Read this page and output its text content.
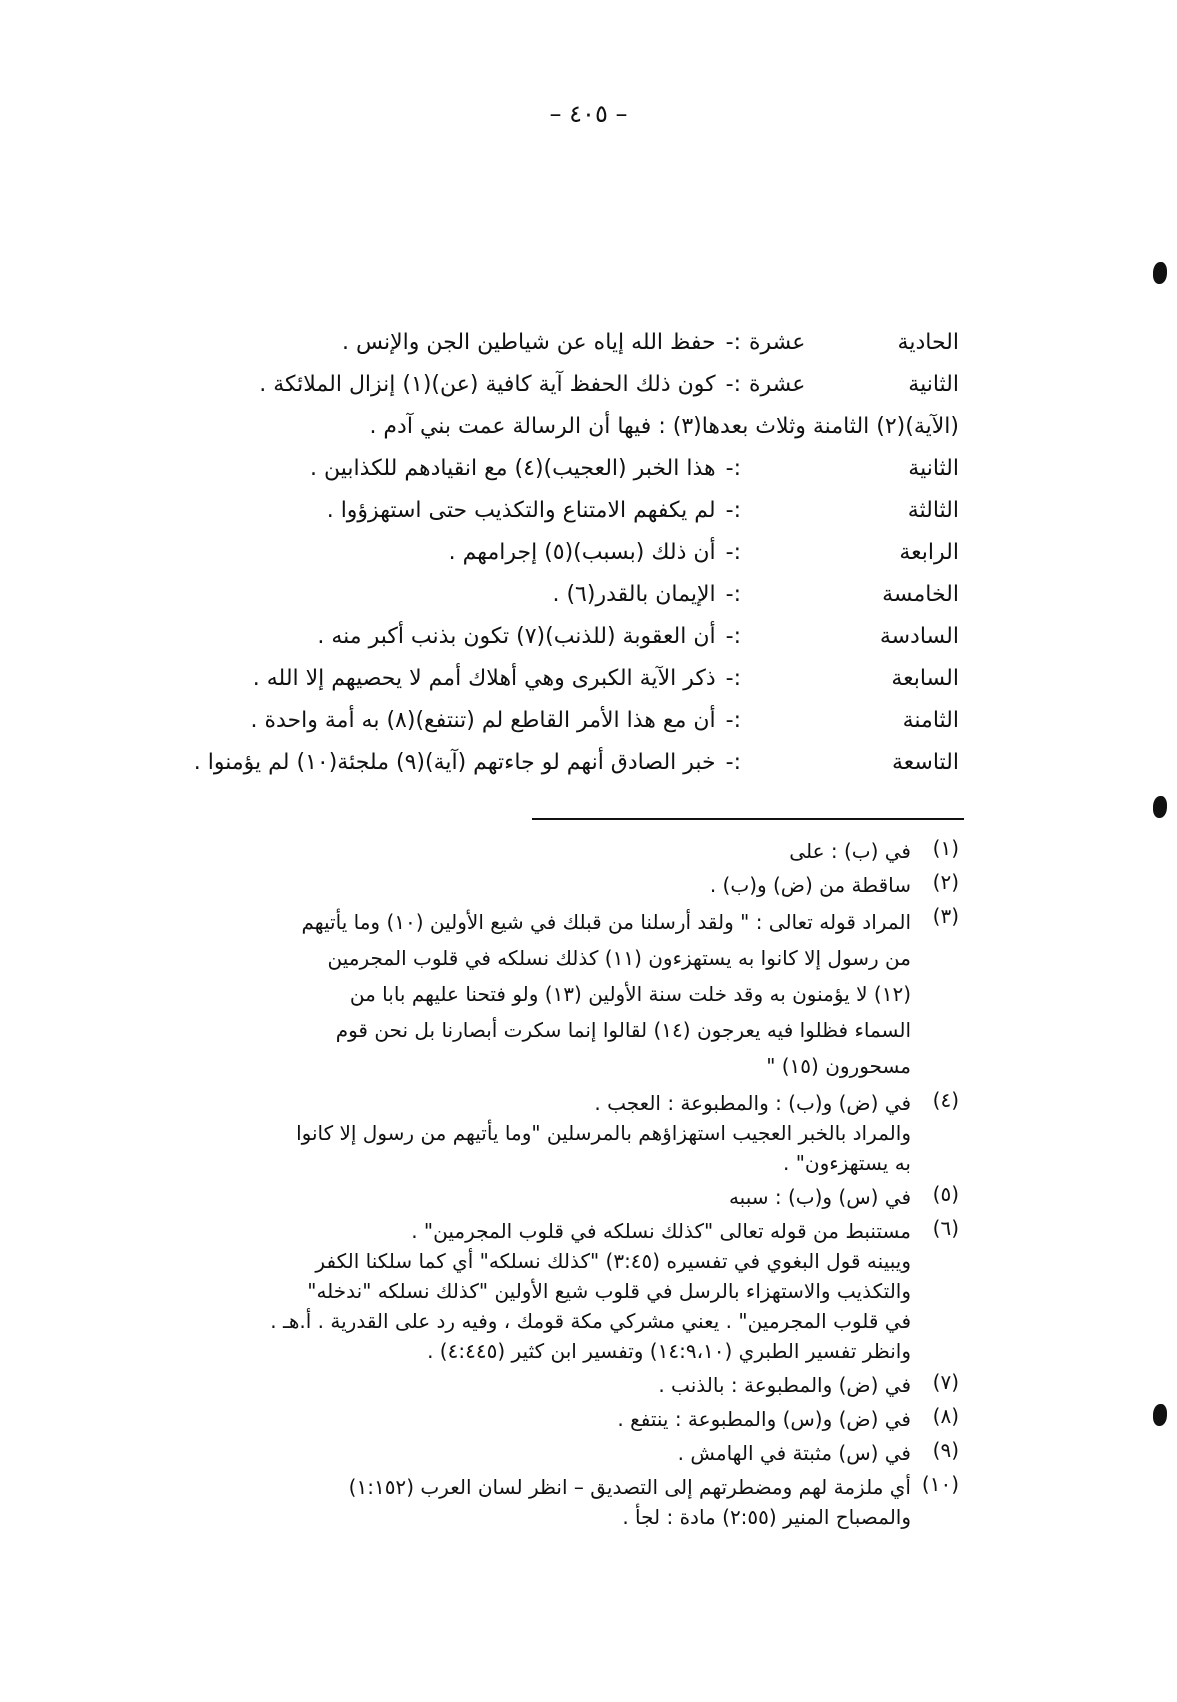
– ٤٠٥ –
الحادية عشرة
:-
حفظ الله إياه عن شياطين الجن والإنس .
الثانية عشرة
:-
كون ذلك الحفظ آية كافية (عن)(١) إنزال الملائكة .
(الآية)(٢) الثامنة وثلاث بعدها(٣) : فيها أن الرسالة عمت بني آدم .
الثانية
:-
هذا الخبر (العجيب)(٤) مع انقيادهم للكذابين .
الثالثة
:-
لم يكفهم الامتناع والتكذيب حتى استهزؤوا .
الرابعة
:-
أن ذلك (بسبب)(٥) إجرامهم .
الخامسة
:-
الإيمان بالقدر(٦) .
السادسة
:-
أن العقوبة (للذنب)(٧) تكون بذنب أكبر منه .
السابعة
:-
ذكر الآية الكبرى وهي أهلاك أمم لا يحصيهم إلا الله .
الثامنة
:-
أن مع هذا الأمر القاطع لم (تنتفع)(٨) به أمة واحدة .
التاسعة
:-
خبر الصادق أنهم لو جاءتهم (آية)(٩) ملجئة(١٠) لم يؤمنوا .
(١)
في (ب) : على
(٢)
ساقطة من (ض) و(ب) .
(٣)
المراد قوله تعالى : " ولقد أرسلنا من قبلك في شيع الأولين (١٠) وما يأتيهم
من رسول إلا كانوا به يستهزءون (١١) كذلك نسلكه في قلوب المجرمين
(١٢) لا يؤمنون به وقد خلت سنة الأولين (١٣) ولو فتحنا عليهم بابا من
السماء فظلوا فيه يعرجون (١٤) لقالوا إنما سكرت أبصارنا بل نحن قوم
مسحورون (١٥) "
(٤)
في (ض) و(ب) : والمطبوعة : العجب .
والمراد بالخبر العجيب استهزاؤهم بالمرسلين "وما يأتيهم من رسول إلا كانوا
به يستهزءون" .
(٥)
في (س) و(ب) : سببه
(٦)
مستنبط من قوله تعالى "كذلك نسلكه في قلوب المجرمين" .
ويبينه قول البغوي في تفسيره (٣:٤٥) "كذلك نسلكه" أي كما سلكنا الكفر
والتكذيب والاستهزاء بالرسل في قلوب شيع الأولين "كذلك نسلكه "ندخله"
في قلوب المجرمين" . يعني مشركي مكة قومك ، وفيه رد على القدرية . أ.هـ .
وانظر تفسير الطبري (١٤:٩،١٠) وتفسير ابن كثير (٤:٤٤٥) .
(٧)
في (ض) والمطبوعة : بالذنب .
(٨)
في (ض) و(س) والمطبوعة : ينتفع .
(٩)
في (س) مثبتة في الهامش .
(١٠)
أي ملزمة لهم ومضطرتهم إلى التصديق – انظر لسان العرب (١:١٥٢)
والمصباح المنير (٢:٥٥) مادة : لجأ .
